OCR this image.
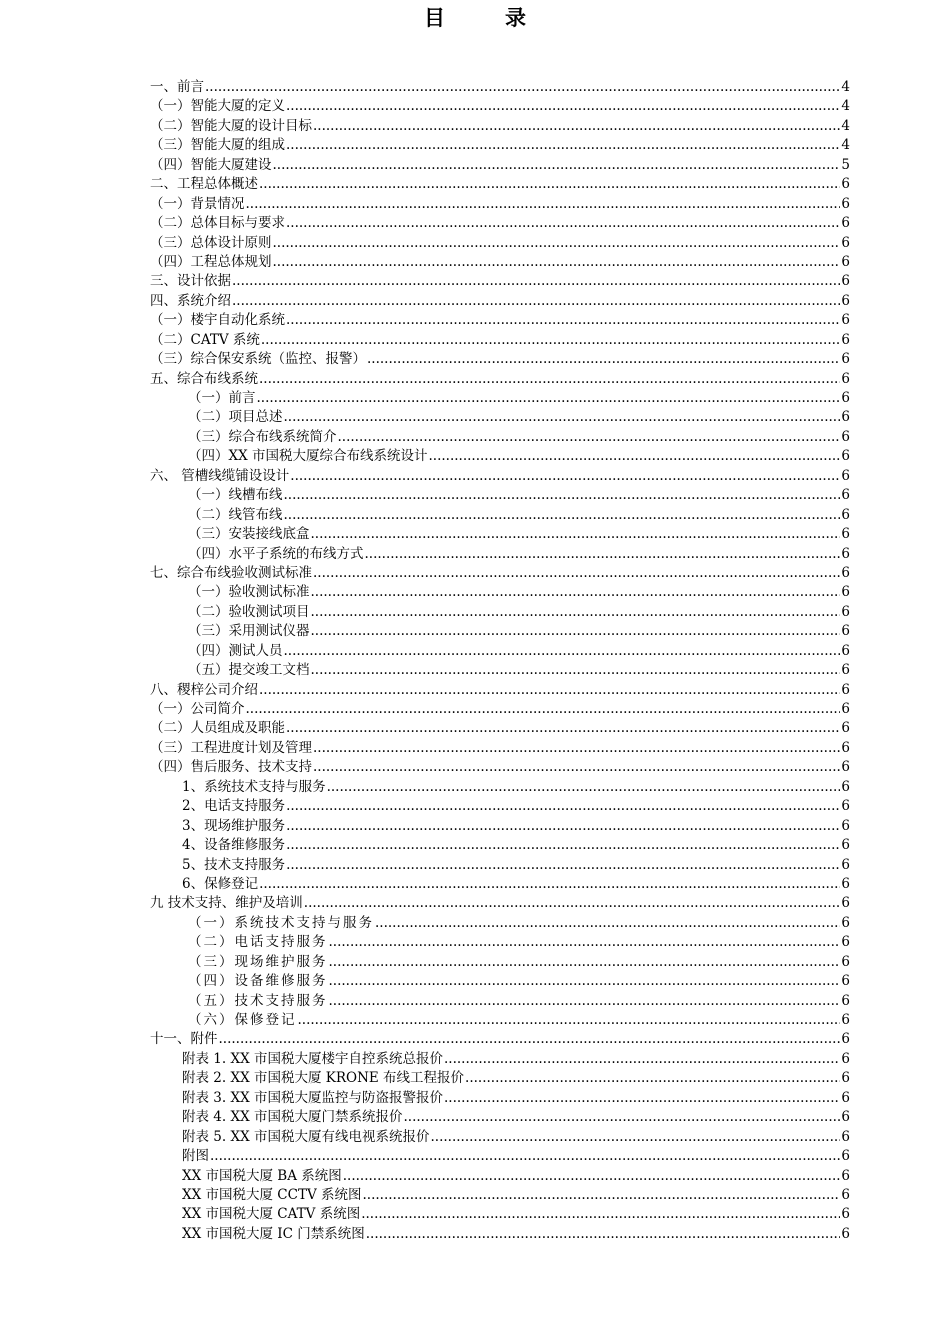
目录
一、前言 .....	4
（一）智能大厦的定义 .....	4
（二）智能大厦的设计目标 .....	4
（三）智能大厦的组成 .....	4
（四）智能大厦建设 .....	5
二、工程总体概述 .....	6
（一）背景情况 .....	6
（二）总体目标与要求 .....	6
（三）总体设计原则 .....	6
（四）工程总体规划 .....	6
三、设计依据 .....	6
四、系统介绍 .....	6
（一）楼宇自动化系统 .....	6
（二）CATV 系统 .....	6
（三）综合保安系统（监控、报警） .....	6
五、综合布线系统 .....	6
（一）前言 .....	6
（二）项目总述 .....	6
（三）综合布线系统简介 .....	6
（四）XX 市国税大厦综合布线系统设计 .....	6
六、 管槽线缆铺设设计 .....	6
（一）线槽布线 .....	6
（二）线管布线 .....	6
（三）安装接线底盒 .....	6
（四）水平子系统的布线方式 .....	6
七、综合布线验收测试标准 .....	6
（一）验收测试标准 .....	6
（二）验收测试项目 .....	6
（三）采用测试仪器 .....	6
（四）测试人员 .....	6
（五）提交竣工文档 .....	6
八、稷梓公司介绍 .....	6
（一）公司简介 .....	6
（二）人员组成及职能 .....	6
（三）工程进度计划及管理 .....	6
（四）售后服务、技术支持 .....	6
1、系统技术支持与服务 .....	6
2、电话支持服务 .....	6
3、现场维护服务 .....	6
4、设备维修服务 .....	6
5、技术支持服务 .....	6
6、保修登记 .....	6
九 技术支持、维护及培训 .....	6
（一）系统技术支持与服务 .....	6
（二）电话支持服务 .....	6
（三）现场维护服务 .....	6
（四）设备维修服务 .....	6
（五）技术支持服务 .....	6
（六）保修登记 .....	6
十一、附件 .....	6
附表 1. XX 市国税大厦楼宇自控系统总报价 .....	6
附表 2. XX 市国税大厦 KRONE 布线工程报价 .....	6
附表 3. XX 市国税大厦监控与防盗报警报价 .....	6
附表 4. XX 市国税大厦门禁系统报价 .....	6
附表 5. XX 市国税大厦有线电视系统报价 .....	6
附图 .....	6
XX 市国税大厦 BA 系统图 .....	6
XX 市国税大厦 CCTV 系统图 .....	6
XX 市国税大厦 CATV 系统图 .....	6
XX 市国税大厦 IC 门禁系统图 .....	6
